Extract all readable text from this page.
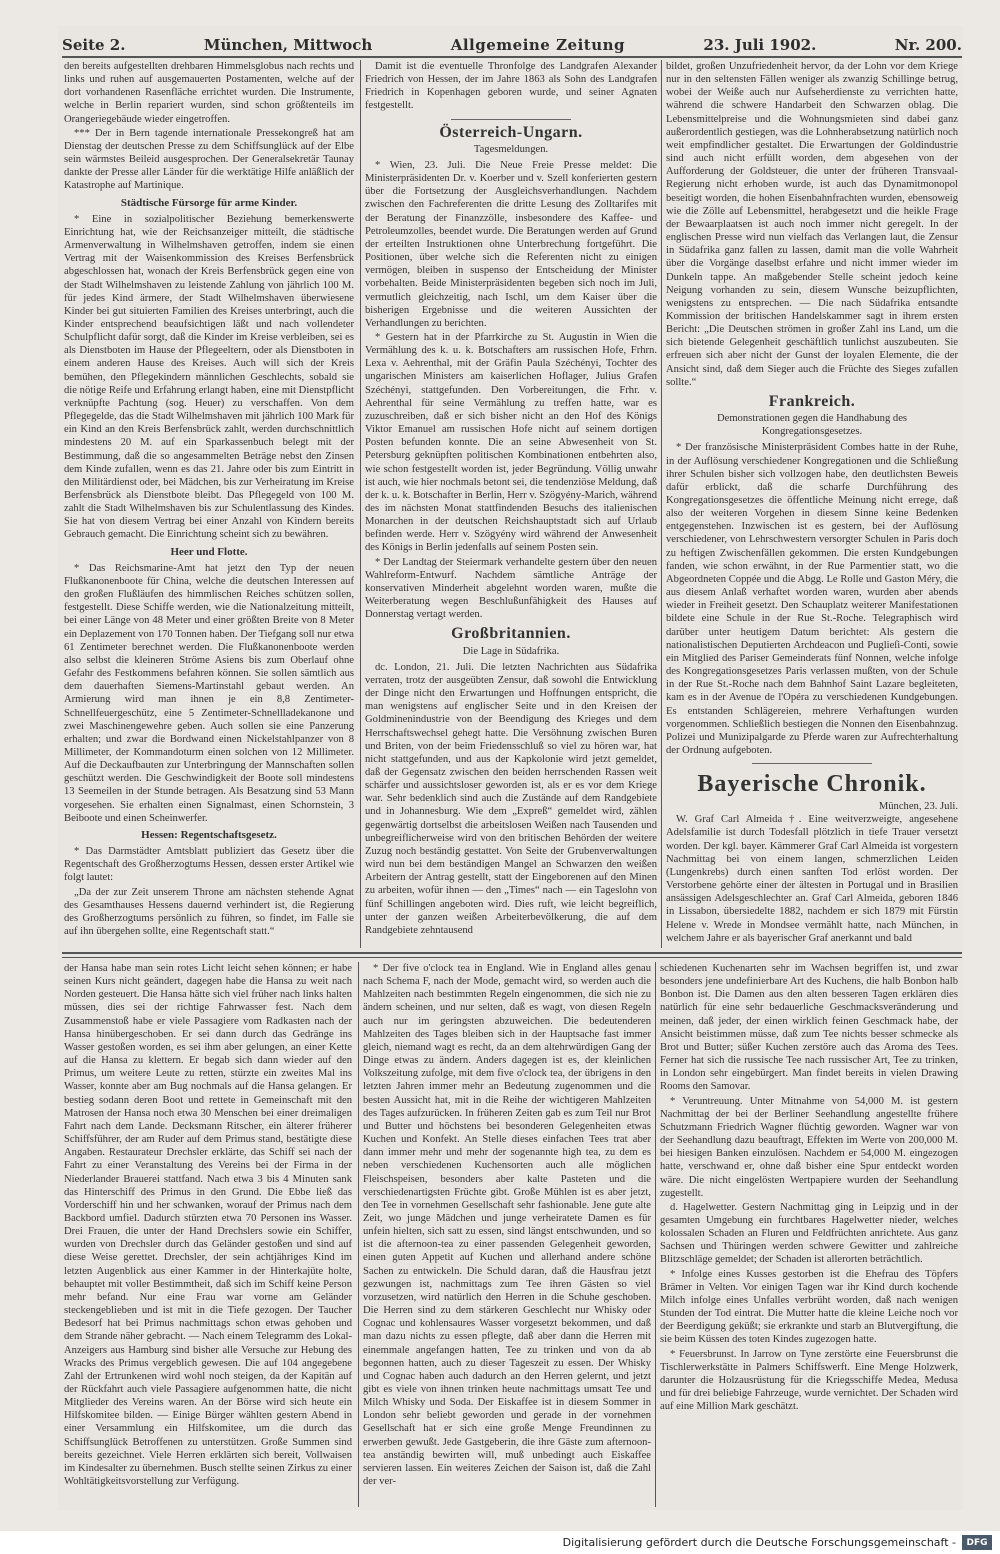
Seite 2.	München, Mittwoch	Allgemeine Zeitung	23. Juli 1902.	Nr. 200.

den bereits aufgestellten drehbaren Himmelsglobus nach rechts und links und ruhen auf ausgemauerten Postamenten, welche auf der dort vorhandenen Rasenfläche errichtet wurden. Die Instrumente, welche in Berlin repariert wurden, sind schon größtenteils im Orangeriegebäude wieder eingetroffen.

*** Der in Bern tagende internationale Pressekongreß hat am Dienstag der deutschen Presse zu dem Schiffsunglück auf der Elbe sein wärmstes Beileid ausgesprochen. Der Generalsekretär Taunay dankte der Presse aller Länder für die werktätige Hilfe anläßlich der Katastrophe auf Martinique.

Städtische Fürsorge für arme Kinder.

* Eine in sozialpolitischer Beziehung bemerkenswerte Einrichtung hat, wie der Reichsanzeiger mitteilt, die städtische Armenverwaltung in Wilhelmshaven getroffen, indem sie einen Vertrag mit der Waisenkommission des Kreises Berfensbrück abgeschlossen hat, wonach der Kreis Berfensbrück gegen eine von der Stadt Wilhelmshaven zu leistende Zahlung von jährlich 100 M. für jedes Kind ärmere, der Stadt Wilhelmshaven überwiesene Kinder bei gut situierten Familien des Kreises unterbringt, auch die Kinder entsprechend beaufsichtigen läßt und nach vollendeter Schulpflicht dafür sorgt, daß die Kinder im Kreise verbleiben, sei es als Dienstboten im Hause der Pflegeeltern, oder als Dienstboten in einem anderen Hause des Kreises. Auch will sich der Kreis bemühen, den Pflegekindern männlichen Geschlechts, sobald sie die nötige Reife und Erfahrung erlangt haben, eine mit Dienstpflicht verknüpfte Pachtung (sog. Heuer) zu verschaffen. Von dem Pflegegelde, das die Stadt Wilhelmshaven mit jährlich 100 Mark für ein Kind an den Kreis Berfensbrück zahlt, werden durchschnittlich mindestens 20 M. auf ein Sparkassenbuch belegt mit der Bestimmung, daß die so angesammelten Beträge nebst den Zinsen dem Kinde zufallen, wenn es das 21. Jahre oder bis zum Eintritt in den Militärdienst oder, bei Mädchen, bis zur Verheiratung im Kreise Berfensbrück als Dienstbote bleibt. Das Pflegegeld von 100 M. zahlt die Stadt Wilhelmshaven bis zur Schulentlassung des Kindes. Sie hat von diesem Vertrag bei einer Anzahl von Kindern bereits Gebrauch gemacht. Die Einrichtung scheint sich zu bewähren.

Heer und Flotte.

* Das Reichsmarine-Amt hat jetzt den Typ der neuen Flußkanonenboote für China, welche die deutschen Interessen auf den großen Flußläufen des himmlischen Reiches schützen sollen, festgestellt. Diese Schiffe werden, wie die Nationalzeitung mitteilt, bei einer Länge von 48 Meter und einer größten Breite von 8 Meter ein Deplazement von 170 Tonnen haben. Der Tiefgang soll nur etwa 61 Zentimeter berechnet werden. Die Flußkanonenboote werden also selbst die kleineren Ströme Asiens bis zum Oberlauf ohne Gefahr des Festkommens befahren können. Sie sollen sämtlich aus dem dauerhaften Siemens-Martinstahl gebaut werden. An Armierung wird man ihnen je ein 8,8 Zentimeter-Schnellfeuergeschütz, eine 5 Zentimeter-Schnellladekanone und zwei Maschinengewehre geben. Auch sollen sie eine Panzerung erhalten; und zwar die Bordwand einen Nickelstahlpanzer von 8 Millimeter, der Kommandoturm einen solchen von 12 Millimeter. Auf die Deckaufbauten zur Unterbringung der Mannschaften sollen geschützt werden. Die Geschwindigkeit der Boote soll mindestens 13 Seemeilen in der Stunde betragen. Als Besatzung sind 53 Mann vorgesehen. Sie erhalten einen Signalmast, einen Schornstein, 3 Beiboote und einen Scheinwerfer.

Hessen: Regentschaftsgesetz.

* Das Darmstädter Amtsblatt publiziert das Gesetz über die Regentschaft des Großherzogtums Hessen, dessen erster Artikel wie folgt lautet:

„Da der zur Zeit unserem Throne am nächsten stehende Agnat des Gesamthauses Hessens dauernd verhindert ist, die Regierung des Großherzogtums persönlich zu führen, so findet, im Falle sie auf ihn übergehen sollte, eine Regentschaft statt.“

Damit ist die eventuelle Thronfolge des Landgrafen Alexander Friedrich von Hessen, der im Jahre 1863 als Sohn des Landgrafen Friedrich in Kopenhagen geboren wurde, und seiner Agnaten festgestellt.

Österreich-Ungarn.
Tagesmeldungen.

* Wien, 23. Juli. Die Neue Freie Presse meldet: Die Ministerpräsidenten Dr. v. Koerber und v. Szell konferierten gestern über die Fortsetzung der Ausgleichsverhandlungen. Nachdem zwischen den Fachreferenten die dritte Lesung des Zolltarifes mit der Beratung der Finanzzölle, insbesondere des Kaffee- und Petroleumzolles, beendet wurde. Die Beratungen werden auf Grund der erteilten Instruktionen ohne Unterbrechung fortgeführt. Die Positionen, über welche sich die Referenten nicht zu einigen vermögen, bleiben in suspenso der Entscheidung der Minister vorbehalten. Beide Ministerpräsidenten begeben sich noch im Juli, vermutlich gleichzeitig, nach Ischl, um dem Kaiser über die bisherigen Ergebnisse und die weiteren Aussichten der Verhandlungen zu berichten.

* Gestern hat in der Pfarrkirche zu St. Augustin in Wien die Vermählung des k. u. k. Botschafters am russischen Hofe, Frhrn. Lexa v. Aehrenthal, mit der Gräfin Paula Széchényi, Tochter des ungarischen Ministers am kaiserlichen Hoflager, Julius Grafen Széchényi, stattgefunden. Den Vorbereitungen, die Frhr. v. Aehrenthal für seine Vermählung zu treffen hatte, war es zuzuschreiben, daß er sich bisher nicht an den Hof des Königs Viktor Emanuel am russischen Hofe nicht auf seinem dortigen Posten befunden konnte. Die an seine Abwesenheit von St. Petersburg geknüpften politischen Kombinationen entbehrten also, wie schon festgestellt worden ist, jeder Begründung. Völlig unwahr ist auch, wie hier nochmals betont sei, die tendenziöse Meldung, daß der k. u. k. Botschafter in Berlin, Herr v. Szögyény-Marich, während des im nächsten Monat stattfindenden Besuchs des italienischen Monarchen in der deutschen Reichshauptstadt sich auf Urlaub befinden werde. Herr v. Szögyény wird während der Anwesenheit des Königs in Berlin jedenfalls auf seinem Posten sein.

* Der Landtag der Steiermark verhandelte gestern über den neuen Wahlreform-Entwurf. Nachdem sämtliche Anträge der konservativen Minderheit abgelehnt worden waren, mußte die Weiterberatung wegen Beschlußunfähigkeit des Hauses auf Donnerstag vertagt werden.

Großbritannien.
Die Lage in Südafrika.

dc. London, 21. Juli. Die letzten Nachrichten aus Südafrika verraten, trotz der ausgeübten Zensur, daß sowohl die Entwicklung der Dinge nicht den Erwartungen und Hoffnungen entspricht, die man wenigstens auf englischer Seite und in den Kreisen der Goldminenindustrie von der Beendigung des Krieges und dem Herrschaftswechsel gehegt hatte. Die Versöhnung zwischen Buren und Briten, von der beim Friedensschluß so viel zu hören war, hat nicht stattgefunden, und aus der Kapkolonie wird jetzt gemeldet, daß der Gegensatz zwischen den beiden herrschenden Rassen weit schärfer und aussichtsloser geworden ist, als er es vor dem Kriege war. Sehr bedenklich sind auch die Zustände auf dem Randgebiete und in Johannesburg. Wie dem „Expreß“ gemeldet wird, zählen gegenwärtig dortselbst die arbeitslosen Weißen nach Tausenden und unbegreiflicherweise wird von den britischen Behörden der weitere Zuzug noch beständig gestattet. Von Seite der Grubenverwaltungen wird nun bei dem beständigen Mangel an Schwarzen den weißen Arbeitern der Antrag gestellt, statt der Eingeborenen auf den Minen zu arbeiten, wofür ihnen — den „Times“ nach — ein Tageslohn von fünf Schillingen angeboten wird. Dies ruft, wie leicht begreiflich, unter der ganzen weißen Arbeiterbevölkerung, die auf dem Randgebiete zehntausend

bildet, großen Unzufriedenheit hervor, da der Lohn vor dem Kriege nur in den seltensten Fällen weniger als zwanzig Schillinge betrug, wobei der Weiße auch nur Aufseherdienste zu verrichten hatte, während die schwere Handarbeit den Schwarzen oblag. Die Lebensmittelpreise und die Wohnungsmieten sind dabei ganz außerordentlich gestiegen, was die Lohnherabsetzung natürlich noch weit empfindlicher gestaltet. Die Erwartungen der Goldindustrie sind auch nicht erfüllt worden, dem abgesehen von der Aufforderung der Goldsteuer, die unter der früheren Transvaal-Regierung nicht erhoben wurde, ist auch das Dynamitmonopol beseitigt worden, die hohen Eisenbahnfrachten wurden, ebensoweig wie die Zölle auf Lebensmittel, herabgesetzt und die heikle Frage der Bewaarplaatsen ist auch noch immer nicht geregelt. In der englischen Presse wird nun vielfach das Verlangen laut, die Zensur in Südafrika ganz fallen zu lassen, damit man die volle Wahrheit über die Vorgänge daselbst erfahre und nicht immer wieder im Dunkeln tappe. An maßgebender Stelle scheint jedoch keine Neigung vorhanden zu sein, diesem Wunsche beizupflichten, wenigstens zu entsprechen. — Die nach Südafrika entsandte Kommission der britischen Handelskammer sagt in ihrem ersten Bericht: „Die Deutschen strömen in großer Zahl ins Land, um die sich bietende Gelegenheit geschäftlich tunlichst auszubeuten. Sie erfreuen sich aber nicht der Gunst der loyalen Elemente, die der Ansicht sind, daß dem Sieger auch die Früchte des Sieges zufallen sollte.“

Frankreich.
Demonstrationen gegen die Handhabung des Kongregationsgesetzes.

* Der französische Ministerpräsident Combes hatte in der Ruhe, in der Auflösung verschiedener Kongregationen und die Schließung ihrer Schulen bisher sich vollzogen habe, den deutlichsten Beweis dafür erblickt, daß die scharfe Durchführung des Kongregationsgesetzes die öffentliche Meinung nicht errege, daß also der weiteren Vorgehen in diesem Sinne keine Bedenken entgegenstehen. Inzwischen ist es gestern, bei der Auflösung verschiedener, von Lehrschwestern versorgter Schulen in Paris doch zu heftigen Zwischenfällen gekommen. Die ersten Kundgebungen fanden, wie schon erwähnt, in der Rue Parmentier statt, wo die Abgeordneten Coppée und die Abgg. Le Rolle und Gaston Méry, die aus diesem Anlaß verhaftet worden waren, wurden aber abends wieder in Freiheit gesetzt. Den Schauplatz weiterer Manifestationen bildete eine Schule in der Rue St.-Roche. Telegraphisch wird darüber unter heutigem Datum berichtet: Als gestern die nationalistischen Deputierten Archdeacon und Puglieſi-Conti, sowie ein Mitglied des Pariser Gemeinderats fünf Nonnen, welche infolge des Kongregationsgesetzes Paris verlassen mußten, von der Schule in der Rue St.-Roche nach dem Bahnhof Saint Lazare begleiteten, kam es in der Avenue de l'Opéra zu verschiedenen Kundgebungen. Es entstanden Schlägereien, mehrere Verhaftungen wurden vorgenommen. Schließlich bestiegen die Nonnen den Eisenbahnzug. Polizei und Munizipalgarde zu Pferde waren zur Aufrechterhaltung der Ordnung aufgeboten.

Bayerische Chronik.

München, 23. Juli.

W. Graf Carl Almeida †. Eine weitverzweigte, angesehene Adelsfamilie ist durch Todesfall plötzlich in tiefe Trauer versetzt worden. Der kgl. bayer. Kämmerer Graf Carl Almeida ist vorgestern Nachmittag bei von einem langen, schmerzlichen Leiden (Lungenkrebs) durch einen sanften Tod erlöst worden. Der Verstorbene gehörte einer der ältesten in Portugal und in Brasilien ansässigen Adelsgeschlechter an. Graf Carl Almeida, geboren 1846 in Lissabon, übersiedelte 1882, nachdem er sich 1879 mit Fürstin Helene v. Wrede in Mondsee vermählt hatte, nach München, in welchem Jahre er als bayerischer Graf anerkannt und bald

der Hansa habe man sein rotes Licht leicht sehen können; er habe seinen Kurs nicht geändert, dagegen habe die Hansa zu weit nach Norden gesteuert. Die Hansa hätte sich viel früher nach links halten müssen, dies sei der richtige Fahrwasser fest. Nach dem Zusammenstoß habe er viele Passagiere vom Radkasten nach der Hansa hinübergeschoben. Er sei dann durch das Gedränge ins Wasser gestoßen worden, es sei ihm aber gelungen, an einer Kette auf die Hansa zu klettern. Er begab sich dann wieder auf den Primus, um weitere Leute zu retten, stürzte ein zweites Mal ins Wasser, konnte aber am Bug nochmals auf die Hansa gelangen. Er bestieg sodann deren Boot und rettete in Gemeinschaft mit den Matrosen der Hansa noch etwa 30 Menschen bei einer dreimaligen Fahrt nach dem Lande. Decksmann Ritscher, ein älterer früherer Schiffsführer, der am Ruder auf dem Primus stand, bestätigte diese Angaben. Restaurateur Drechsler erklärte, das Schiff sei nach der Fahrt zu einer Veranstaltung des Vereins bei der Firma in der Niederlander Brauerei stattfand. Nach etwa 3 bis 4 Minuten sank das Hinterschiff des Primus in den Grund. Die Ebbe ließ das Vorderschiff hin und her schwanken, worauf der Primus nach dem Backbord umfiel. Dadurch stürzten etwa 70 Personen ins Wasser. Drei Frauen, die unter der Hand Drechslers sowie ein Schiffer, wurden von Drechsler durch das Geländer gestoßen und sind auf diese Weise gerettet. Drechsler, der sein achtjähriges Kind im letzten Augenblick aus einer Kammer in der Hinterkajüte holte, behauptet mit voller Bestimmtheit, daß sich im Schiff keine Person mehr befand. Nur eine Frau war vorne am Geländer steckengeblieben und ist mit in die Tiefe gezogen. Der Taucher Bedesorf hat bei Primus nachmittags schon etwas gehoben und dem Strande näher gebracht. — Nach einem Telegramm des Lokal-Anzeigers aus Hamburg sind bisher alle Versuche zur Hebung des Wracks des Primus vergeblich gewesen. Die auf 104 angegebene Zahl der Ertrunkenen wird wohl noch steigen, da der Kapitän auf der Rückfahrt auch viele Passagiere aufgenommen hatte, die nicht Mitglieder des Vereins waren. An der Börse wird sich heute ein Hilfskomitee bilden. — Einige Bürger wählten gestern Abend in einer Versammlung ein Hilfskomitee, um die durch das Schiffsunglück Betroffenen zu unterstützen. Große Summen sind bereits gezeichnet. Viele Herren erklärten sich bereit, Vollwaisen im Kindesalter zu übernehmen. Busch stellte seinen Zirkus zu einer Wohltätigkeitsvorstellung zur Verfügung.

* Der five o'clock tea in England. Wie in England alles genau nach Schema F, nach der Mode, gemacht wird, so werden auch die Mahlzeiten nach bestimmten Regeln eingenommen, die sich nie zu ändern scheinen, und nur selten, daß es wagt, von diesen Regeln auch nur im geringsten abzuweichen. Die bedeutenderen Mahlzeiten des Tages bleiben sich in der Hauptsache fast immer gleich, niemand wagt es recht, da an dem altehrwürdigen Gang der Dinge etwas zu ändern. Anders dagegen ist es, der kleinlichen Volkszeitung zufolge, mit dem five o'clock tea, der übrigens in den letzten Jahren immer mehr an Bedeutung zugenommen und die besten Aussicht hat, mit in die Reihe der wichtigeren Mahlzeiten des Tages aufzurücken. In früheren Zeiten gab es zum Teil nur Brot und Butter und höchstens bei besonderen Gelegenheiten etwas Kuchen und Konfekt. An Stelle dieses einfachen Tees trat aber dann immer mehr und mehr der sogenannte high tea, zu dem es neben verschiedenen Kuchensorten auch alle möglichen Fleischspeisen, besonders aber kalte Pasteten und die verschiedenartigsten Früchte gibt. Große Mühlen ist es aber jetzt, den Tee in vornehmen Gesellschaft sehr fashionable. Jene gute alte Zeit, wo junge Mädchen und junge verheiratete Damen es für unfein hielten, sich satt zu essen, sind längst entschwunden, und so ist die afternoon-tea zu einer passenden Gelegenheit geworden, einen guten Appetit auf Kuchen und allerhand andere schöne Sachen zu entwickeln. Die Schuld daran, daß die Hausfrau jetzt gezwungen ist, nachmittags zum Tee ihren Gästen so viel vorzusetzen, wird natürlich den Herren in die Schuhe geschoben. Die Herren sind zu dem stärkeren Geschlecht nur Whisky oder Cognac und kohlensaures Wasser vorgesetzt bekommen, und daß man dazu nichts zu essen pflegte, daß aber dann die Herren mit einemmale angefangen hatten, Tee zu trinken und von da ab begonnen hatten, auch zu dieser Tageszeit zu essen. Der Whisky und Cognac haben auch dadurch an den Herren gelernt, und jetzt gibt es viele von ihnen trinken heute nachmittags umsatt Tee und Milch Whisky und Soda. Der Eiskaffee ist in diesem Sommer in London sehr beliebt geworden und gerade in der vornehmen Gesellschaft hat er sich eine große Menge Freundinnen zu erwerben gewußt. Jede Gastgeberin, die ihre Gäste zum afternoon-tea anständig bewirten will, muß unbedingt auch Eiskaffee servieren lassen. Ein weiteres Zeichen der Saison ist, daß die Zahl der ver-

schiedenen Kuchenarten sehr im Wachsen begriffen ist, und zwar besonders jene undefinierbare Art des Kuchens, die halb Bonbon halb Bonbon ist. Die Damen aus den alten besseren Tagen erklären dies natürlich für eine sehr bedauerliche Geschmacksveränderung und meinen, daß jeder, der einen wirklich feinen Geschmack habe, der Ansicht beistimmen müsse, daß zum Tee nichts besser schmecke als Brot und Butter; süßer Kuchen zerstöre auch das Aroma des Tees. Ferner hat sich die russische Tee nach russischer Art, Tee zu trinken, in London sehr eingebürgert. Man findet bereits in vielen Drawing Rooms den Samovar.

* Veruntreuung. Unter Mitnahme von 54,000 M. ist gestern Nachmittag der bei der Berliner Seehandlung angestellte frühere Schutzmann Friedrich Wagner flüchtig geworden. Wagner war von der Seehandlung dazu beauftragt, Effekten im Werte von 200,000 M. bei hiesigen Banken einzulösen. Nachdem er 54,000 M. eingezogen hatte, verschwand er, ohne daß bisher eine Spur entdeckt worden wäre. Die nicht eingelösten Wertpapiere wurden der Seehandlung zugestellt.

d. Hagelwetter. Gestern Nachmittag ging in Leipzig und in der gesamten Umgebung ein furchtbares Hagelwetter nieder, welches kolossalen Schaden an Fluren und Feldfrüchten anrichtete. Aus ganz Sachsen und Thüringen werden schwere Gewitter und zahlreiche Blitzschläge gemeldet; der Schaden ist allerorten beträchtlich.

* Infolge eines Kusses gestorben ist die Ehefrau des Töpfers Brämer in Velten. Vor einigen Tagen war ihr Kind durch kochende Milch infolge eines Unfalles verbrüht worden, daß nach wenigen Stunden der Tod eintrat. Die Mutter hatte die kleine Leiche noch vor der Beerdigung geküßt; sie erkrankte und starb an Blutvergiftung, die sie beim Küssen des toten Kindes zugezogen hatte.

* Feuersbrunst. In Jarrow on Tyne zerstörte eine Feuersbrunst die Tischlerwerkstätte in Palmers Schiffswerft. Eine Menge Holzwerk, darunter die Holzausrüstung für die Kriegsschiffe Medea, Medusa und für drei beliebige Fahrzeuge, wurde vernichtet. Der Schaden wird auf eine Million Mark geschätzt.

Digitalisierung gefördert durch die Deutsche Forschungsgemeinschaft -	DFG
